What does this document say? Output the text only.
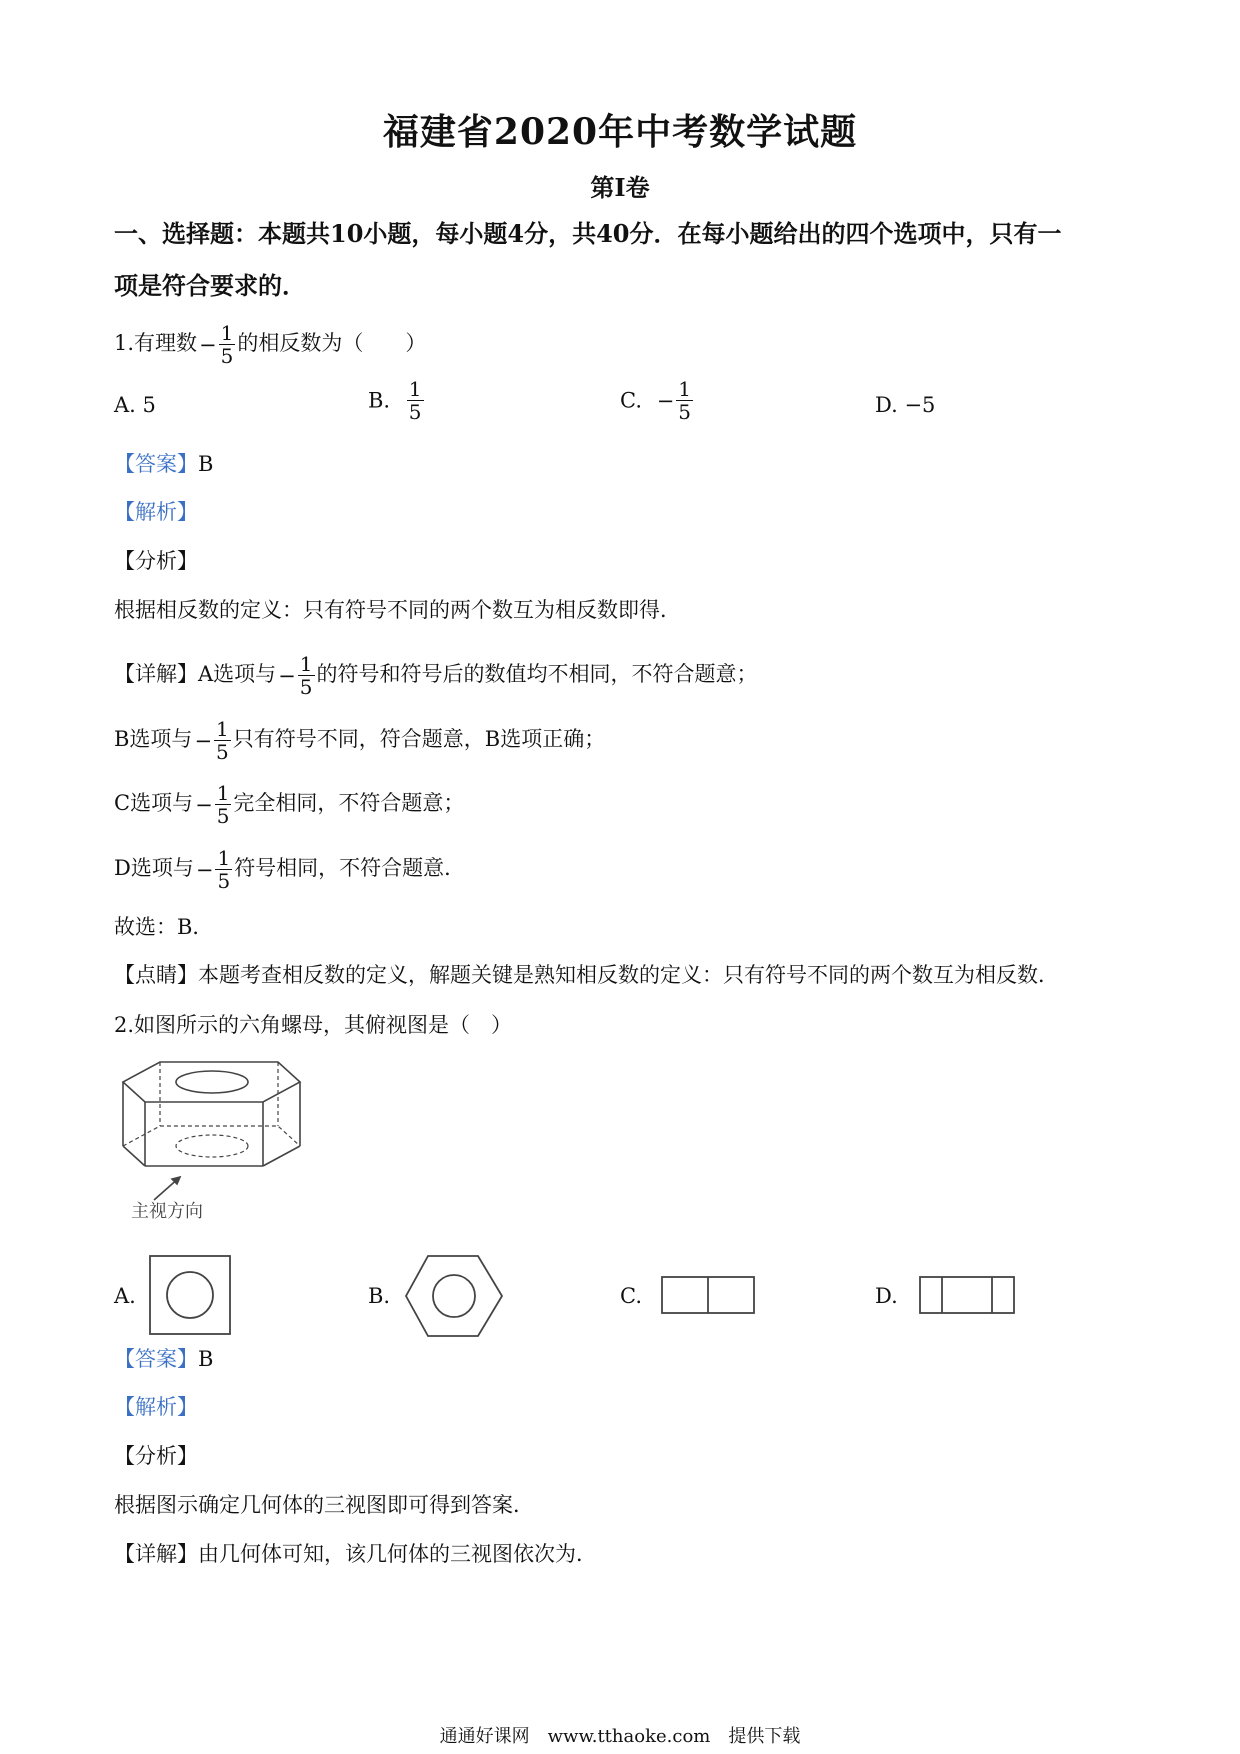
福建省2020年中考数学试题
第I卷
一、选择题：本题共10小题，每小题4分，共40分．在每小题给出的四个选项中，只有一
项是符合要求的．
1.有理数− $\frac{1}{5}$ 的相反数为（　　）
A. 5	B. $\frac{1}{5}$	C. − $\frac{1}{5}$	D. −5
【答案】B
【解析】
【分析】
根据相反数的定义：只有符号不同的两个数互为相反数即得．
【详解】A选项与− $\frac{1}{5}$ 的符号和符号后的数值均不相同，不符合题意；
B选项与− $\frac{1}{5}$ 只有符号不同，符合题意，B选项正确；
C选项与− $\frac{1}{5}$ 完全相同，不符合题意；
D选项与− $\frac{1}{5}$ 符号相同，不符合题意．
故选：B．
【点睛】本题考查相反数的定义，解题关键是熟知相反数的定义：只有符号不同的两个数互为相反数．
2.如图所示的六角螺母，其俯视图是（　）
主视方向
A.	B.	C.	D.
【答案】B
【解析】
【分析】
根据图示确定几何体的三视图即可得到答案．
【详解】由几何体可知，该几何体的三视图依次为．
通通好课网　www.tthaoke.com　提供下载
